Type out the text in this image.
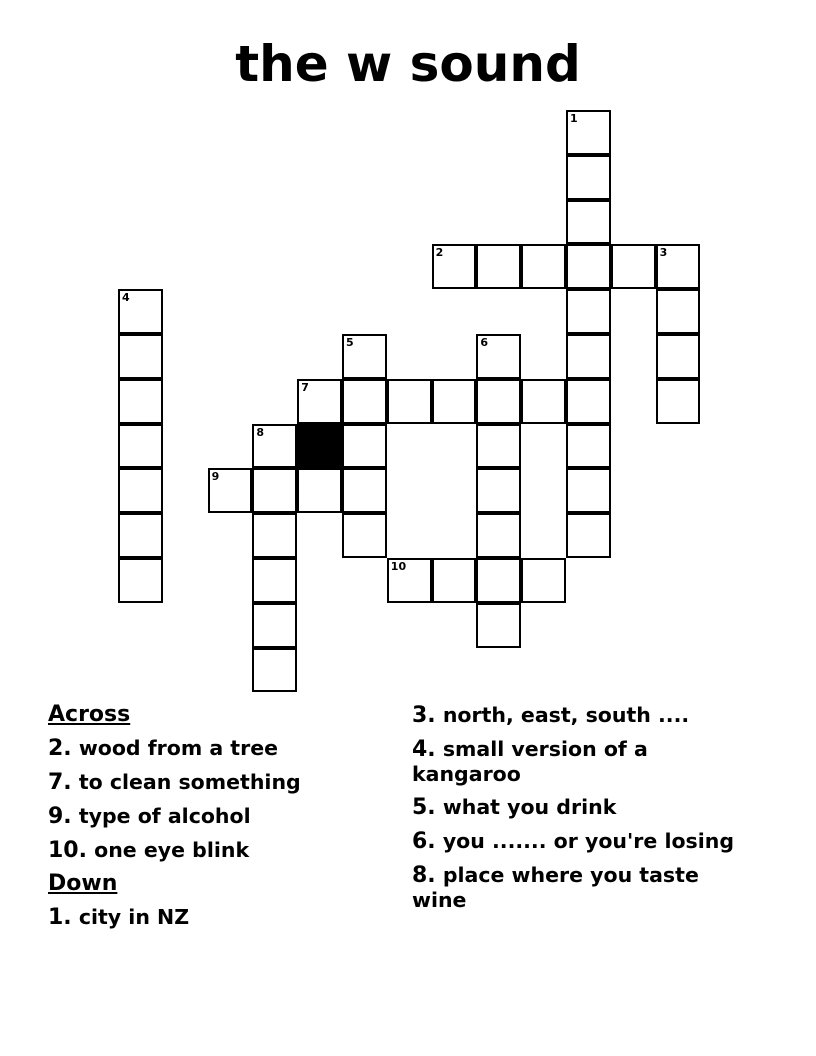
the w sound
1
2	3
4
5	6
7
8
9
10
Across
2. wood from a tree
7. to clean something
9. type of alcohol
10. one eye blink
Down
1. city in NZ
3. north, east, south ....
4. small version of a kangaroo
5. what you drink
6. you ....... or you're losing
8. place where you taste wine
